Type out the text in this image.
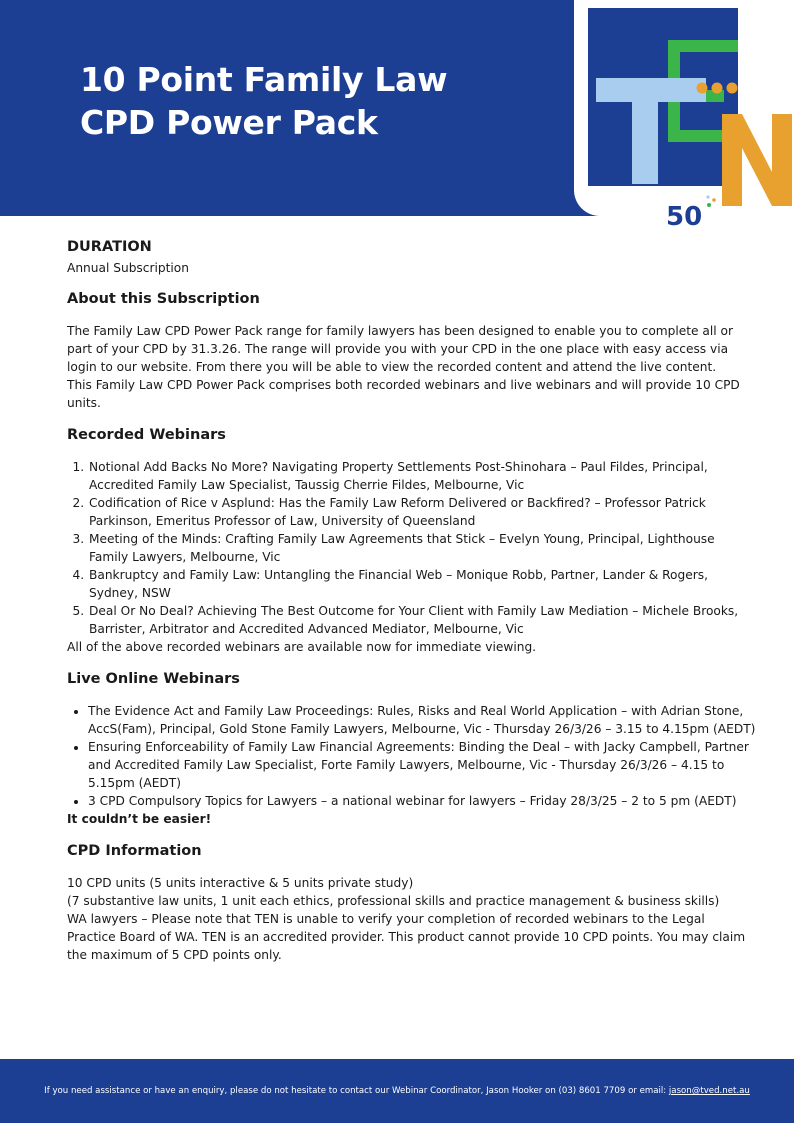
10 Point Family Law
CPD Power Pack
50
DURATION

Annual Subscription

About this Subscription

The Family Law CPD Power Pack range for family lawyers has been designed to enable you to complete all or part of your CPD by 31.3.26. The range will provide you with your CPD in the one place with easy access via login to our website. From there you will be able to view the recorded content and attend the live content.

This Family Law CPD Power Pack comprises both recorded webinars and live webinars and will provide 10 CPD units.

Recorded Webinars
1. Notional Add Backs No More? Navigating Property Settlements Post-Shinohara – Paul Fildes, Principal, Accredited Family Law Specialist, Taussig Cherrie Fildes, Melbourne, Vic
2. Codification of Rice v Asplund: Has the Family Law Reform Delivered or Backfired? – Professor Patrick Parkinson, Emeritus Professor of Law, University of Queensland
3. Meeting of the Minds: Crafting Family Law Agreements that Stick – Evelyn Young, Principal, Lighthouse Family Lawyers, Melbourne, Vic
4. Bankruptcy and Family Law: Untangling the Financial Web – Monique Robb, Partner, Lander & Rogers, Sydney, NSW
5. Deal Or No Deal? Achieving The Best Outcome for Your Client with Family Law Mediation – Michele Brooks, Barrister, Arbitrator and Accredited Advanced Mediator, Melbourne, Vic

All of the above recorded webinars are available now for immediate viewing.

Live Online Webinars
• The Evidence Act and Family Law Proceedings: Rules, Risks and Real World Application – with Adrian Stone, AccS(Fam), Principal, Gold Stone Family Lawyers, Melbourne, Vic - Thursday 26/3/26 – 3.15 to 4.15pm (AEDT)
• Ensuring Enforceability of Family Law Financial Agreements: Binding the Deal – with Jacky Campbell, Partner and Accredited Family Law Specialist, Forte Family Lawyers, Melbourne, Vic - Thursday 26/3/26 – 4.15 to 5.15pm (AEDT)
• 3 CPD Compulsory Topics for Lawyers – a national webinar for lawyers – Friday 28/3/25 – 2 to 5 pm (AEDT)

It couldn’t be easier!

CPD Information

10 CPD units (5 units interactive & 5 units private study)

(7 substantive law units, 1 unit each ethics, professional skills and practice management & business skills)

WA lawyers – Please note that TEN is unable to verify your completion of recorded webinars to the Legal Practice Board of WA. TEN is an accredited provider. This product cannot provide 10 CPD points. You may claim the maximum of 5 CPD points only.

If you need assistance or have an enquiry, please do not hesitate to contact our Webinar Coordinator, Jason Hooker on (03) 8601 7709 or email: jason@tved.net.au
